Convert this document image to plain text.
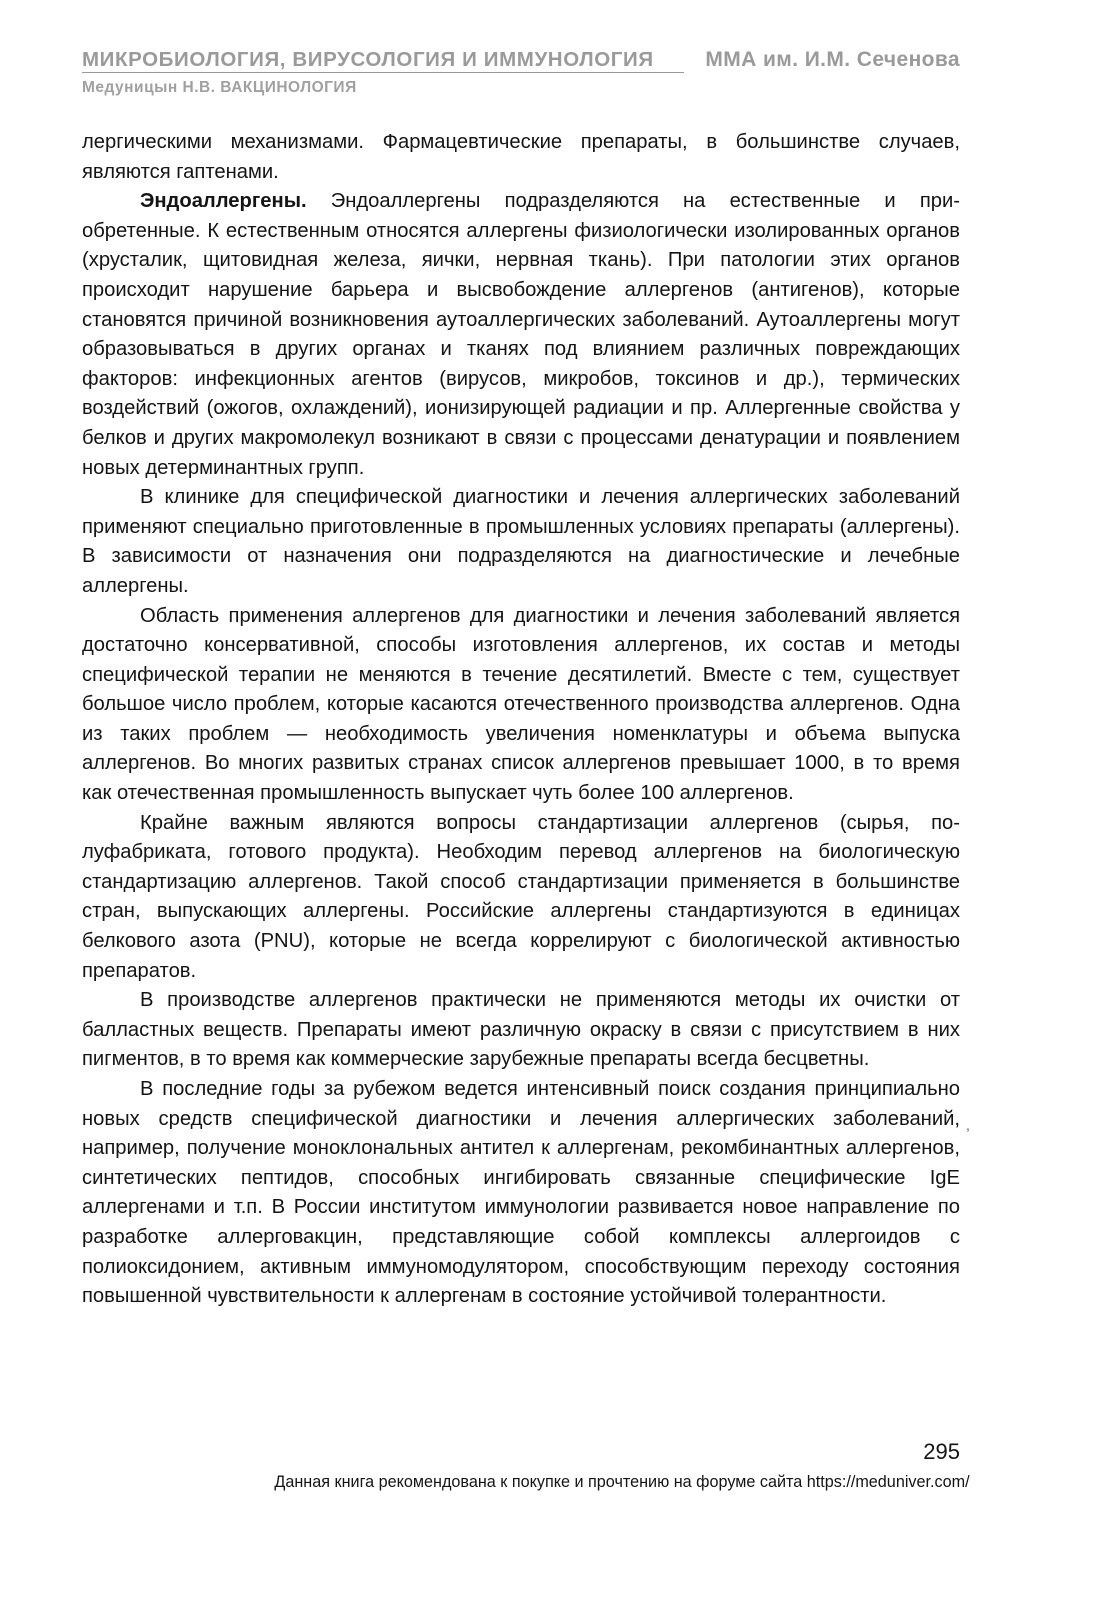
МИКРОБИОЛОГИЯ, ВИРУСОЛОГИЯ И ИММУНОЛОГИЯ ММА им. И.М. Сеченова
Медуницын Н.В. ВАКЦИНОЛОГИЯ

лергическими механизмами. Фармацевтические препараты, в большинстве случаев, являются гаптенами.

Эндоаллергены. Эндоаллергены подразделяются на естественные и приобретенные. К естественным относятся аллергены физиологически изолированных органов (хрусталик, щитовидная железа, яички, нервная ткань). При патологии этих органов происходит нарушение барьера и высвобождение аллергенов (антигенов), которые становятся причиной возникновения аутоаллергических заболеваний. Аутоаллергены могут образовываться в других органах и тканях под влиянием различных повреждающих факторов: инфекционных агентов (вирусов, микробов, токсинов и др.), термических воздействий (ожогов, охлаждений), ионизирующей радиации и пр. Аллергенные свойства у белков и других макромолекул возникают в связи с процессами денатурации и появлением новых детерминантных групп.

В клинике для специфической диагностики и лечения аллергических заболеваний применяют специально приготовленные в промышленных условиях препараты (аллергены). В зависимости от назначения они подразделяются на диагностические и лечебные аллергены.

Область применения аллергенов для диагностики и лечения заболеваний является достаточно консервативной, способы изготовления аллергенов, их состав и методы специфической терапии не меняются в течение десятилетий. Вместе с тем, существует большое число проблем, которые касаются отечественного производства аллергенов. Одна из таких проблем — необходимость увеличения номенклатуры и объема выпуска аллергенов. Во многих развитых странах список аллергенов превышает 1000, в то время как отечественная промышленность выпускает чуть более 100 аллергенов.

Крайне важным являются вопросы стандартизации аллергенов (сырья, полуфабриката, готового продукта). Необходим перевод аллергенов на биологическую стандартизацию аллергенов. Такой способ стандартизации применяется в большинстве стран, выпускающих аллергены. Российские аллергены стандартизуются в единицах белкового азота (PNU), которые не всегда коррелируют с биологической активностью препаратов.

В производстве аллергенов практически не применяются методы их очистки от балластных веществ. Препараты имеют различную окраску в связи с присутствием в них пигментов, в то время как коммерческие зарубежные препараты всегда бесцветны.

В последние годы за рубежом ведется интенсивный поиск создания принципиально новых средств специфической диагностики и лечения аллергических заболеваний, например, получение моноклональных антител к аллергенам, рекомбинантных аллергенов, синтетических пептидов, способных ингибировать связанные специфические IgE аллергенами и т.п. В России институтом иммунологии развивается новое направление по разработке аллерговакцин, представляющие собой комплексы аллергоидов с полиоксидонием, активным иммуномодулятором, способствующим переходу состояния повышенной чувствительности к аллергенам в состояние устойчивой толерантности.

,
295
Данная книга рекомендована к покупке и прочтению на форуме сайта https://meduniver.com/
